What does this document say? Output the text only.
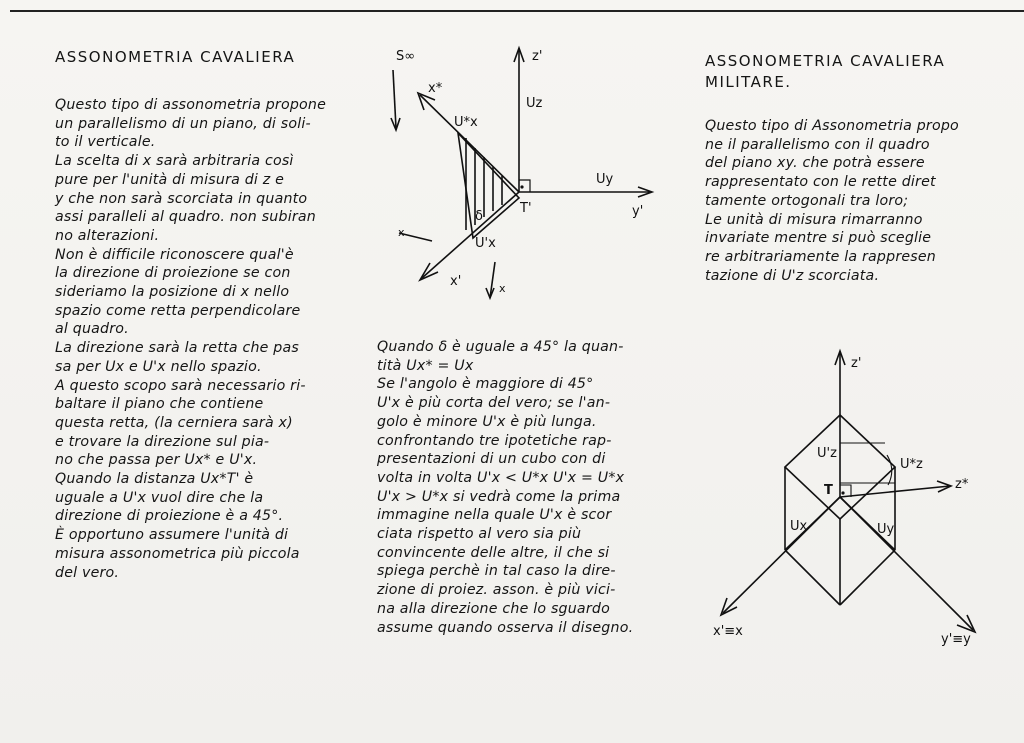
ASSONOMETRIA CAVALIERA
Questo tipo di assonometria propone
un parallelismo di un piano, di soli-
to il verticale.
La scelta di x sarà arbitraria così
pure per l'unità di misura di z e
y che non sarà scorciata in quanto
assi paralleli al quadro. non subiran
no alterazioni.
Non è difficile riconoscere qual'è
la direzione di proiezione se con
sideriamo la posizione di x nello
spazio come retta perpendicolare
al quadro.
La direzione sarà la retta che pas
sa per Ux e U'x nello spazio.
A questo scopo sarà necessario ri-
baltare il piano che contiene
questa retta, (la cerniera sarà x)
e trovare la direzione sul pia-
no che passa per Ux* e U'x.
Quando la distanza Ux*T' è
uguale a U'x vuol dire che la
direzione di proiezione è a 45°.
È opportuno assumere l'unità di
misura assonometrica più piccola
del vero.
S∞	z'
Uz
Uy
y'
x*
U*x
U'x
T'
δ
x'
x
x
Quando δ è uguale a 45° la quan-
tità Ux* = Ux
Se l'angolo è maggiore di 45°
U'x è più corta del vero; se l'an-
golo è minore U'x è più lunga.
confrontando tre ipotetiche rap-
presentazioni di un cubo con di
volta in volta U'x < U*x U'x = U*x
U'x > U*x si vedrà come la prima
immagine nella quale U'x è scor
ciata rispetto al vero sia più
convincente delle altre, il che si
spiega perchè in tal caso la dire-
zione di proiez. asson. è più vici-
na alla direzione che lo sguardo
assume quando osserva il disegno.
ASSONOMETRIA CAVALIERA
MILITARE.
Questo tipo di Assonometria propo
ne il parallelismo con il quadro
del piano xy. che potrà essere
rappresentato con le rette diret
tamente ortogonali tra loro;
Le unità di misura rimarranno
invariate mentre si può sceglie
re arbitrariamente la rappresen
tazione di U'z scorciata.
z'
U'z
U*z
z*
T
Ux	Uy
x'≡x
y'≡y
